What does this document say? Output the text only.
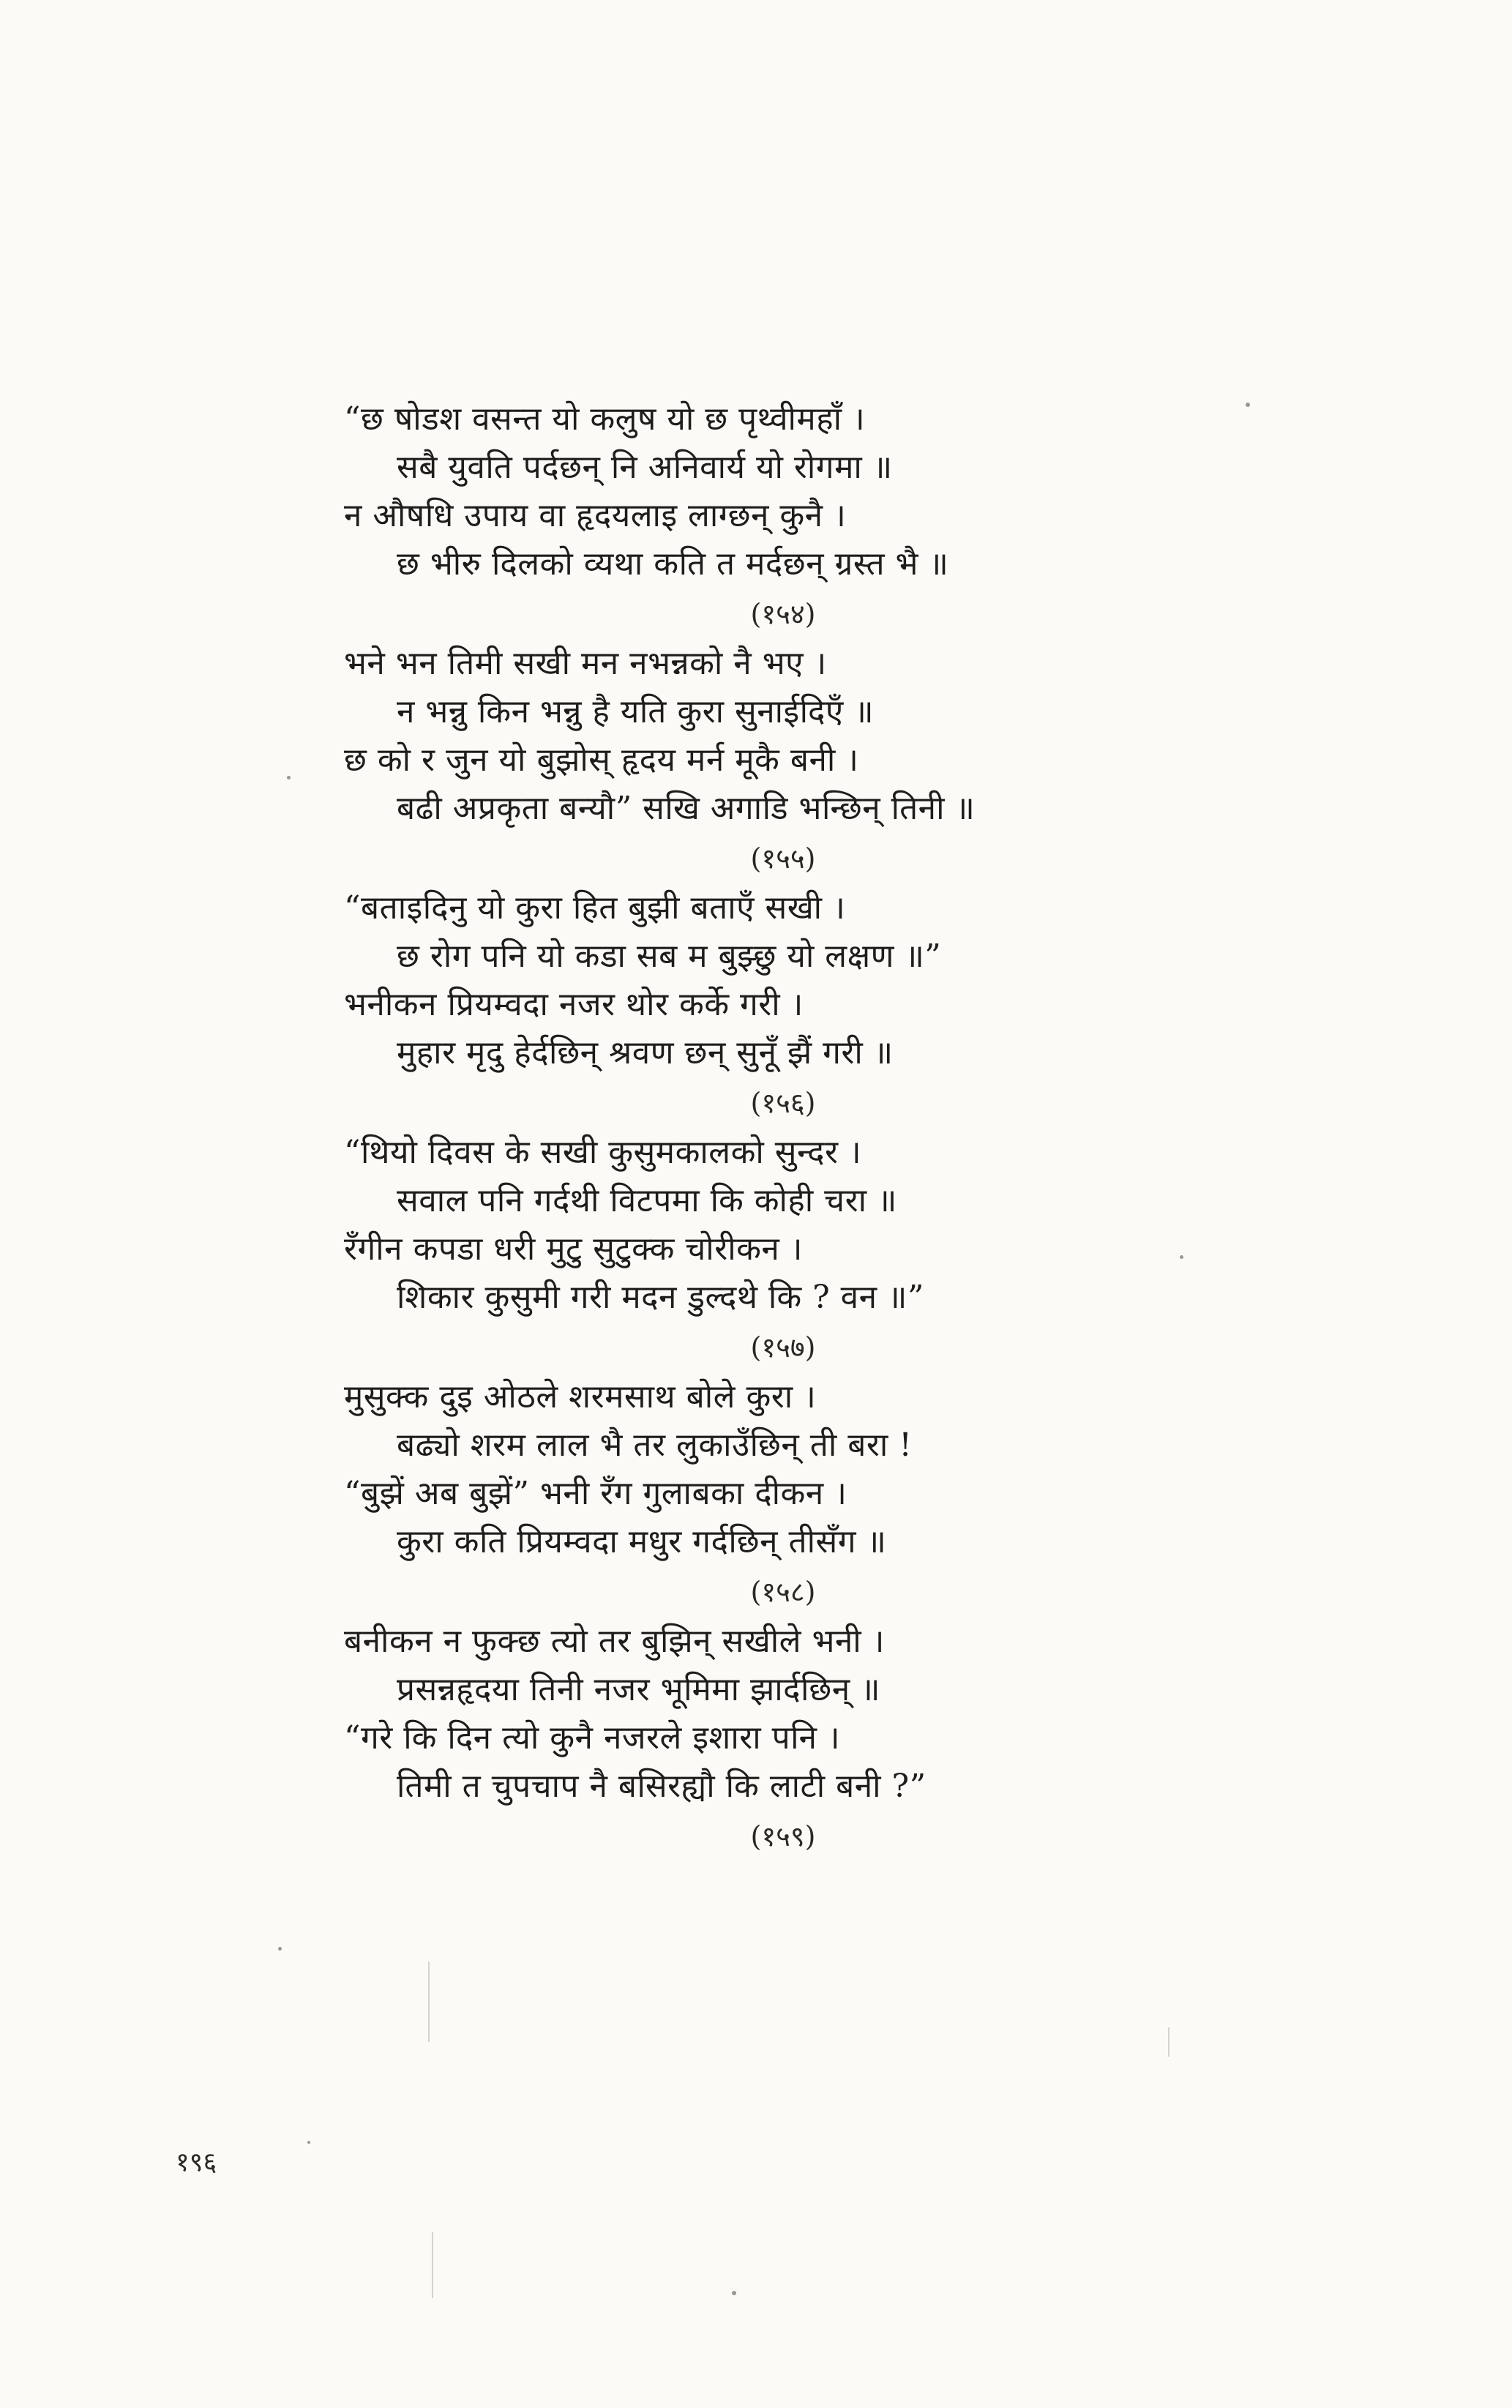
“छ षोडश वसन्त यो कलुष यो छ पृथ्वीमहाँ ।
सबै युवति पर्दछन् नि अनिवार्य यो रोगमा ॥
न औषधि उपाय वा हृदयलाइ लाग्छन् कुनै ।
छ भीरु दिलको व्यथा कति त मर्दछन् ग्रस्त भै ॥
(१५४)
भने भन तिमी सखी मन नभन्नको नै भए ।
न भन्नु किन भन्नु है यति कुरा सुनाईदिएँ ॥
छ को र जुन यो बुझोस् हृदय मर्न मूकै बनी ।
बढी अप्रकृता बन्यौ” सखि अगाडि भन्छिन् तिनी ॥
(१५५)
“बताइदिनु यो कुरा हित बुझी बताएँ सखी ।
छ रोग पनि यो कडा सब म बुझ्छु यो लक्षण ॥”
भनीकन प्रियम्वदा नजर थोर कर्के गरी ।
मुहार मृदु हेर्दछिन् श्रवण छन् सुनूँ झैं गरी ॥
(१५६)
“थियो दिवस के सखी कुसुमकालको सुन्दर ।
सवाल पनि गर्दथी विटपमा कि कोही चरा ॥
रँगीन कपडा धरी मुटु सुटुक्क चोरीकन ।
शिकार कुसुमी गरी मदन डुल्दथे कि ? वन ॥”
(१५७)
मुसुक्क दुइ ओठले शरमसाथ बोले कुरा ।
बढ्यो शरम लाल भै तर लुकाउँछिन् ती बरा !
“बुझें अब बुझें” भनी रँग गुलाबका दीकन ।
कुरा कति प्रियम्वदा मधुर गर्दछिन् तीसँग ॥
(१५८)
बनीकन न फुक्छ त्यो तर बुझिन् सखीले भनी ।
प्रसन्नहृदया तिनी नजर भूमिमा झार्दछिन् ॥
“गरे कि दिन त्यो कुनै नजरले इशारा पनि ।
तिमी त चुपचाप नै बसिरह्यौ कि लाटी बनी ?”
(१५९)
१९६
